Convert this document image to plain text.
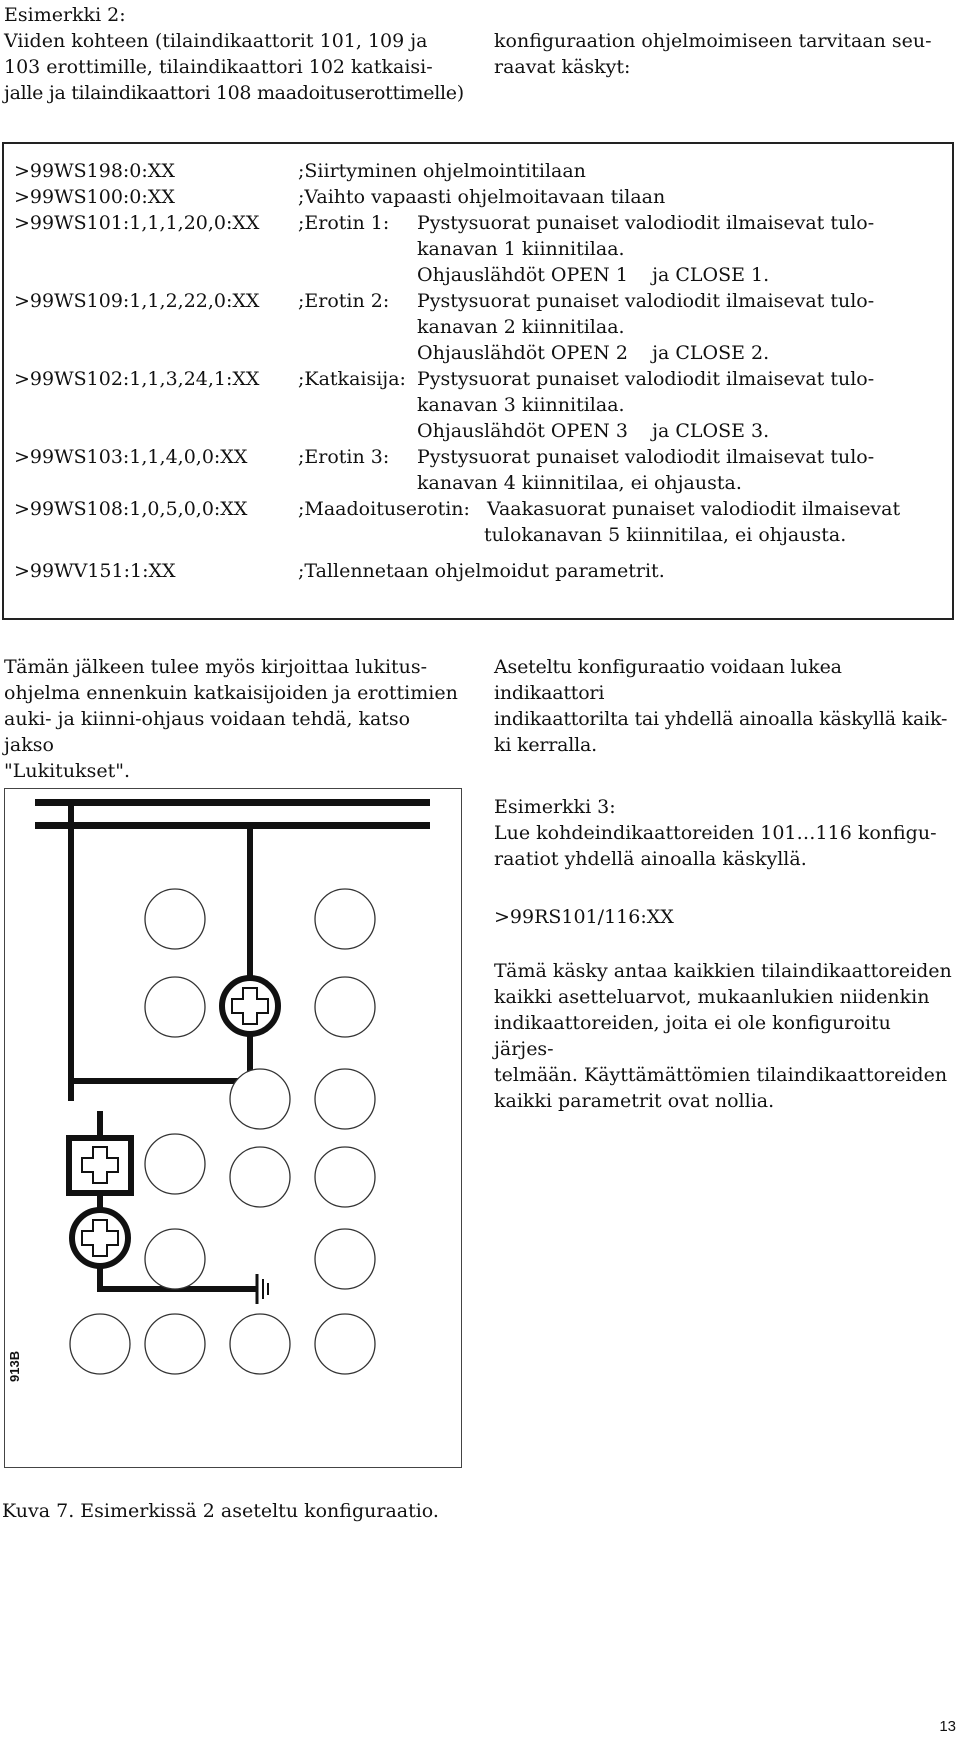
Esimerkki 2:
Viiden kohteen (tilaindikaattorit 101, 109 ja
103 erottimille, tilaindikaattori 102 katkaisi-
jalle ja tilaindikaattori 108 maadoituserottimelle)
konfiguraation ohjelmoimiseen tarvitaan seu-
raavat käskyt:
>99WS198:0:XX	;Siirtyminen ohjelmointitilaan
>99WS100:0:XX	;Vaihto vapaasti ohjelmoitavaan tilaan
>99WS101:1,1,1,20,0:XX ;Erotin 1: Pystysuorat punaiset valodiodit ilmaisevat tulo-
kanavan 1 kiinnitilaa.
Ohjauslähdöt OPEN 1    ja CLOSE 1.
>99WS109:1,1,2,22,0:XX ;Erotin 2: Pystysuorat punaiset valodiodit ilmaisevat tulo-
kanavan 2 kiinnitilaa.
Ohjauslähdöt OPEN 2    ja CLOSE 2.
>99WS102:1,1,3,24,1:XX ;Katkaisija: Pystysuorat punaiset valodiodit ilmaisevat tulo-
kanavan 3 kiinnitilaa.
Ohjauslähdöt OPEN 3    ja CLOSE 3.
>99WS103:1,1,4,0,0:XX	;Erotin 3: Pystysuorat punaiset valodiodit ilmaisevat tulo-
kanavan 4 kiinnitilaa, ei ohjausta.
>99WS108:1,0,5,0,0:XX	;Maadoituserotin: Vaakasuorat punaiset valodiodit ilmaisevat
tulokanavan 5 kiinnitilaa, ei ohjausta.
>99WV151:1:XX	;Tallennetaan ohjelmoidut parametrit.
Tämän jälkeen tulee myös kirjoittaa lukitus-
ohjelma ennenkuin katkaisijoiden ja erottimien
auki- ja kiinni-ohjaus voidaan tehdä, katso jakso
"Lukitukset".
Aseteltu konfiguraatio voidaan lukea indikaattori
indikaattorilta tai yhdellä ainoalla käskyllä kaik-
ki kerralla.
Esimerkki 3:
Lue kohdeindikaattoreiden 101…116 konfigu-
raatiot yhdellä ainoalla käskyllä.
>99RS101/116:XX
Tämä käsky antaa kaikkien tilaindikaattoreiden
kaikki asetteluarvot, mukaanlukien niidenkin
indikaattoreiden, joita ei ole konfiguroitu järjes-
telmään. Käyttämättömien tilaindikaattoreiden
kaikki parametrit ovat nollia.
913B
Kuva 7. Esimerkissä 2 aseteltu konfiguraatio.
13
